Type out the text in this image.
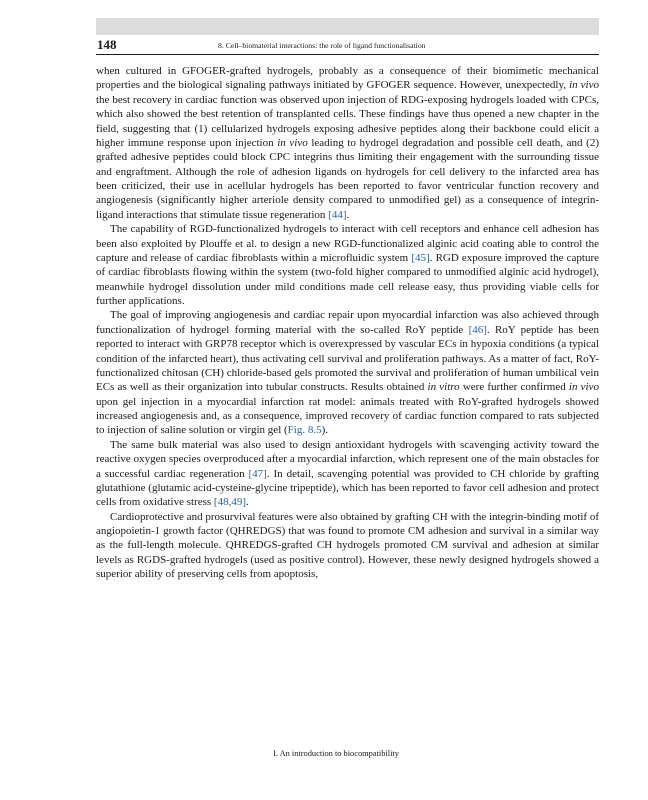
148	8. Cell–biomaterial interactions: the role of ligand functionalisation

when cultured in GFOGER-grafted hydrogels, probably as a consequence of their biomimetic mechanical properties and the biological signaling pathways initiated by GFOGER sequence. However, unexpectedly, in vivo the best recovery in cardiac function was observed upon injection of RDG-exposing hydrogels loaded with CPCs, which also showed the best retention of transplanted cells. These findings have thus opened a new chapter in the field, suggesting that (1) cellularized hydrogels exposing adhesive peptides along their backbone could elicit a higher immune response upon injection in vivo leading to hydrogel degradation and possible cell death, and (2) grafted adhesive peptides could block CPC integrins thus limiting their engagement with the surrounding tissue and engraftment. Although the role of adhesion ligands on hydrogels for cell delivery to the infarcted area has been criticized, their use in acellular hydrogels has been reported to favor ventricular function recovery and angiogenesis (significantly higher arteriole density compared to unmodified gel) as a consequence of integrin-ligand interactions that stimulate tissue regeneration [44].

The capability of RGD-functionalized hydrogels to interact with cell receptors and enhance cell adhesion has been also exploited by Plouffe et al. to design a new RGD-functionalized alginic acid coating able to control the capture and release of cardiac fibroblasts within a microfluidic system [45]. RGD exposure improved the capture of cardiac fibroblasts flowing within the system (two-fold higher compared to unmodified alginic acid hydrogel), meanwhile hydrogel dissolution under mild conditions made cell release easy, thus providing viable cells for further applications.

The goal of improving angiogenesis and cardiac repair upon myocardial infarction was also achieved through functionalization of hydrogel forming material with the so-called RoY peptide [46]. RoY peptide has been reported to interact with GRP78 receptor which is overexpressed by vascular ECs in hypoxia conditions (a typical condition of the infarcted heart), thus activating cell survival and proliferation pathways. As a matter of fact, RoY-functionalized chitosan (CH) chloride-based gels promoted the survival and proliferation of human umbilical vein ECs as well as their organization into tubular constructs. Results obtained in vitro were further confirmed in vivo upon gel injection in a myocardial infarction rat model: animals treated with RoY-grafted hydrogels showed increased angiogenesis and, as a consequence, improved recovery of cardiac function compared to rats subjected to injection of saline solution or virgin gel (Fig. 8.5).

The same bulk material was also used to design antioxidant hydrogels with scavenging activity toward the reactive oxygen species overproduced after a myocardial infarction, which represent one of the main obstacles for a successful cardiac regeneration [47]. In detail, scavenging potential was provided to CH chloride by grafting glutathione (glutamic acid-cysteine-glycine tripeptide), which has been reported to favor cell adhesion and protect cells from oxidative stress [48,49].

Cardioprotective and prosurvival features were also obtained by grafting CH with the integrin-binding motif of angiopoietin-1 growth factor (QHREDGS) that was found to promote CM adhesion and survival in a similar way as the full-length molecule. QHREDGS-grafted CH hydrogels promoted CM survival and adhesion at similar levels as RGDS-grafted hydrogels (used as positive control). However, these newly designed hydrogels showed a superior ability of preserving cells from apoptosis,

I. An introduction to biocompatibility
